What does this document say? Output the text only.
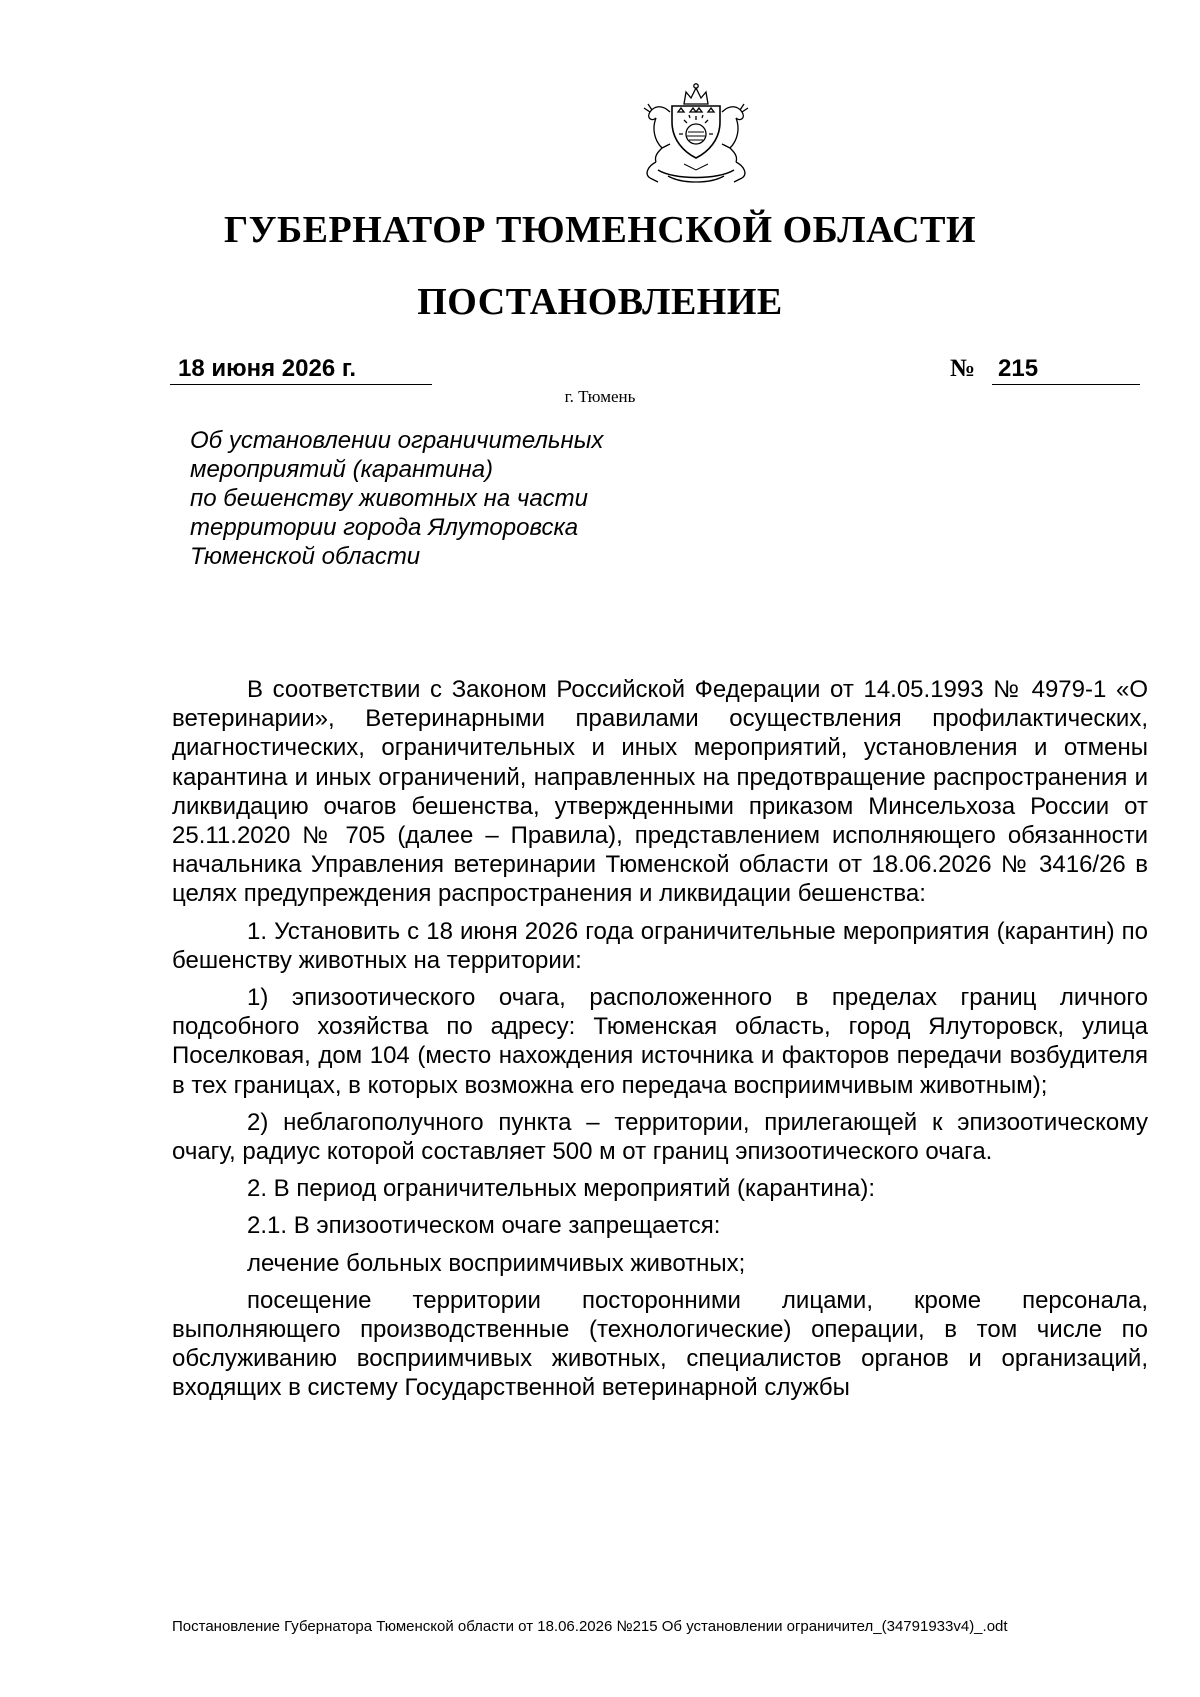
ГУБЕРНАТОР ТЮМЕНСКОЙ ОБЛАСТИ
ПОСТАНОВЛЕНИЕ
18 июня 2026 г.	№ 215
г. Тюмень
Об установлении ограничительных
мероприятий (карантина)
по бешенству животных на части
территории города Ялуторовска
Тюменской области

В соответствии с Законом Российской Федерации от 14.05.1993 № 4979-1 «О ветеринарии», Ветеринарными правилами осуществления профилактических, диагностических, ограничительных и иных мероприятий, установления и отмены карантина и иных ограничений, направленных на предотвращение распространения и ликвидацию очагов бешенства, утвержденными приказом Минсельхоза России от 25.11.2020 № 705 (далее – Правила), представлением исполняющего обязанности начальника Управления ветеринарии Тюменской области от 18.06.2026 № 3416/26 в целях предупреждения распространения и ликвидации бешенства:

1. Установить с 18 июня 2026 года ограничительные мероприятия (карантин) по бешенству животных на территории:

1) эпизоотического очага, расположенного в пределах границ личного подсобного хозяйства по адресу: Тюменская область, город Ялуторовск, улица Поселковая, дом 104 (место нахождения источника и факторов передачи возбудителя в тех границах, в которых возможна его передача восприимчивым животным);

2) неблагополучного пункта – территории, прилегающей к эпизоотическому очагу, радиус которой составляет 500 м от границ эпизоотического очага.

2. В период ограничительных мероприятий (карантина):

2.1. В эпизоотическом очаге запрещается:

лечение больных восприимчивых животных;

посещение территории посторонними лицами, кроме персонала, выполняющего производственные (технологические) операции, в том числе по обслуживанию восприимчивых животных, специалистов органов и организаций, входящих в систему Государственной ветеринарной службы

Постановление Губернатора Тюменской области от 18.06.2026 №215 Об установлении ограничител_(34791933v4)_.odt
